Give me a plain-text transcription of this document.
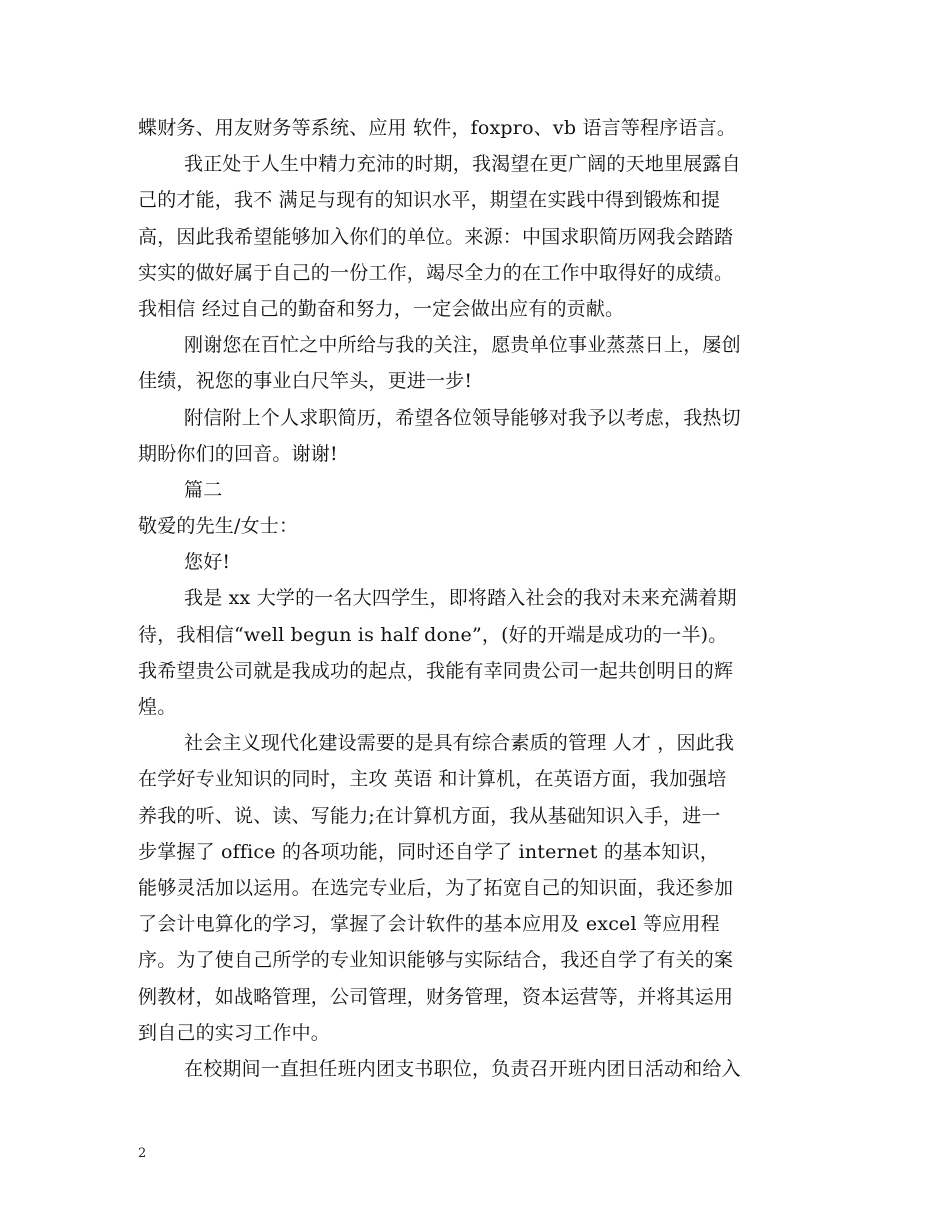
蝶财务、用友财务等系统、应用 软件，foxpro、vb 语言等程序语言。
我正处于人生中精力充沛的时期，我渴望在更广阔的天地里展露自
己的才能，我不 满足与现有的知识水平，期望在实践中得到锻炼和提
高，因此我希望能够加入你们的单位。来源：中国求职简历网我会踏踏
实实的做好属于自己的一份工作，竭尽全力的在工作中取得好的成绩。
我相信 经过自己的勤奋和努力，一定会做出应有的贡献。
刚谢您在百忙之中所给与我的关注，愿贵单位事业蒸蒸日上，屡创
佳绩，祝您的事业白尺竿头，更进一步!
附信附上个人求职简历，希望各位领导能够对我予以考虑，我热切
期盼你们的回音。谢谢!
篇二
敬爱的先生/女士：
您好!
我是 xx 大学的一名大四学生，即将踏入社会的我对未来充满着期
待，我相信“well begun is half done”，(好的开端是成功的一半)。
我希望贵公司就是我成功的起点，我能有幸同贵公司一起共创明日的辉
煌。
社会主义现代化建设需要的是具有综合素质的管理 人才 ，因此我
在学好专业知识的同时，主攻 英语 和计算机，在英语方面，我加强培
养我的听、说、读、写能力;在计算机方面，我从基础知识入手，进一
步掌握了 office 的各项功能，同时还自学了 internet 的基本知识，
能够灵活加以运用。在选完专业后，为了拓宽自己的知识面，我还参加
了会计电算化的学习，掌握了会计软件的基本应用及 excel 等应用程
序。为了使自己所学的专业知识能够与实际结合，我还自学了有关的案
例教材，如战略管理，公司管理，财务管理，资本运营等，并将其运用
到自己的实习工作中。
在校期间一直担任班内团支书职位，负责召开班内团日活动和给入
2
